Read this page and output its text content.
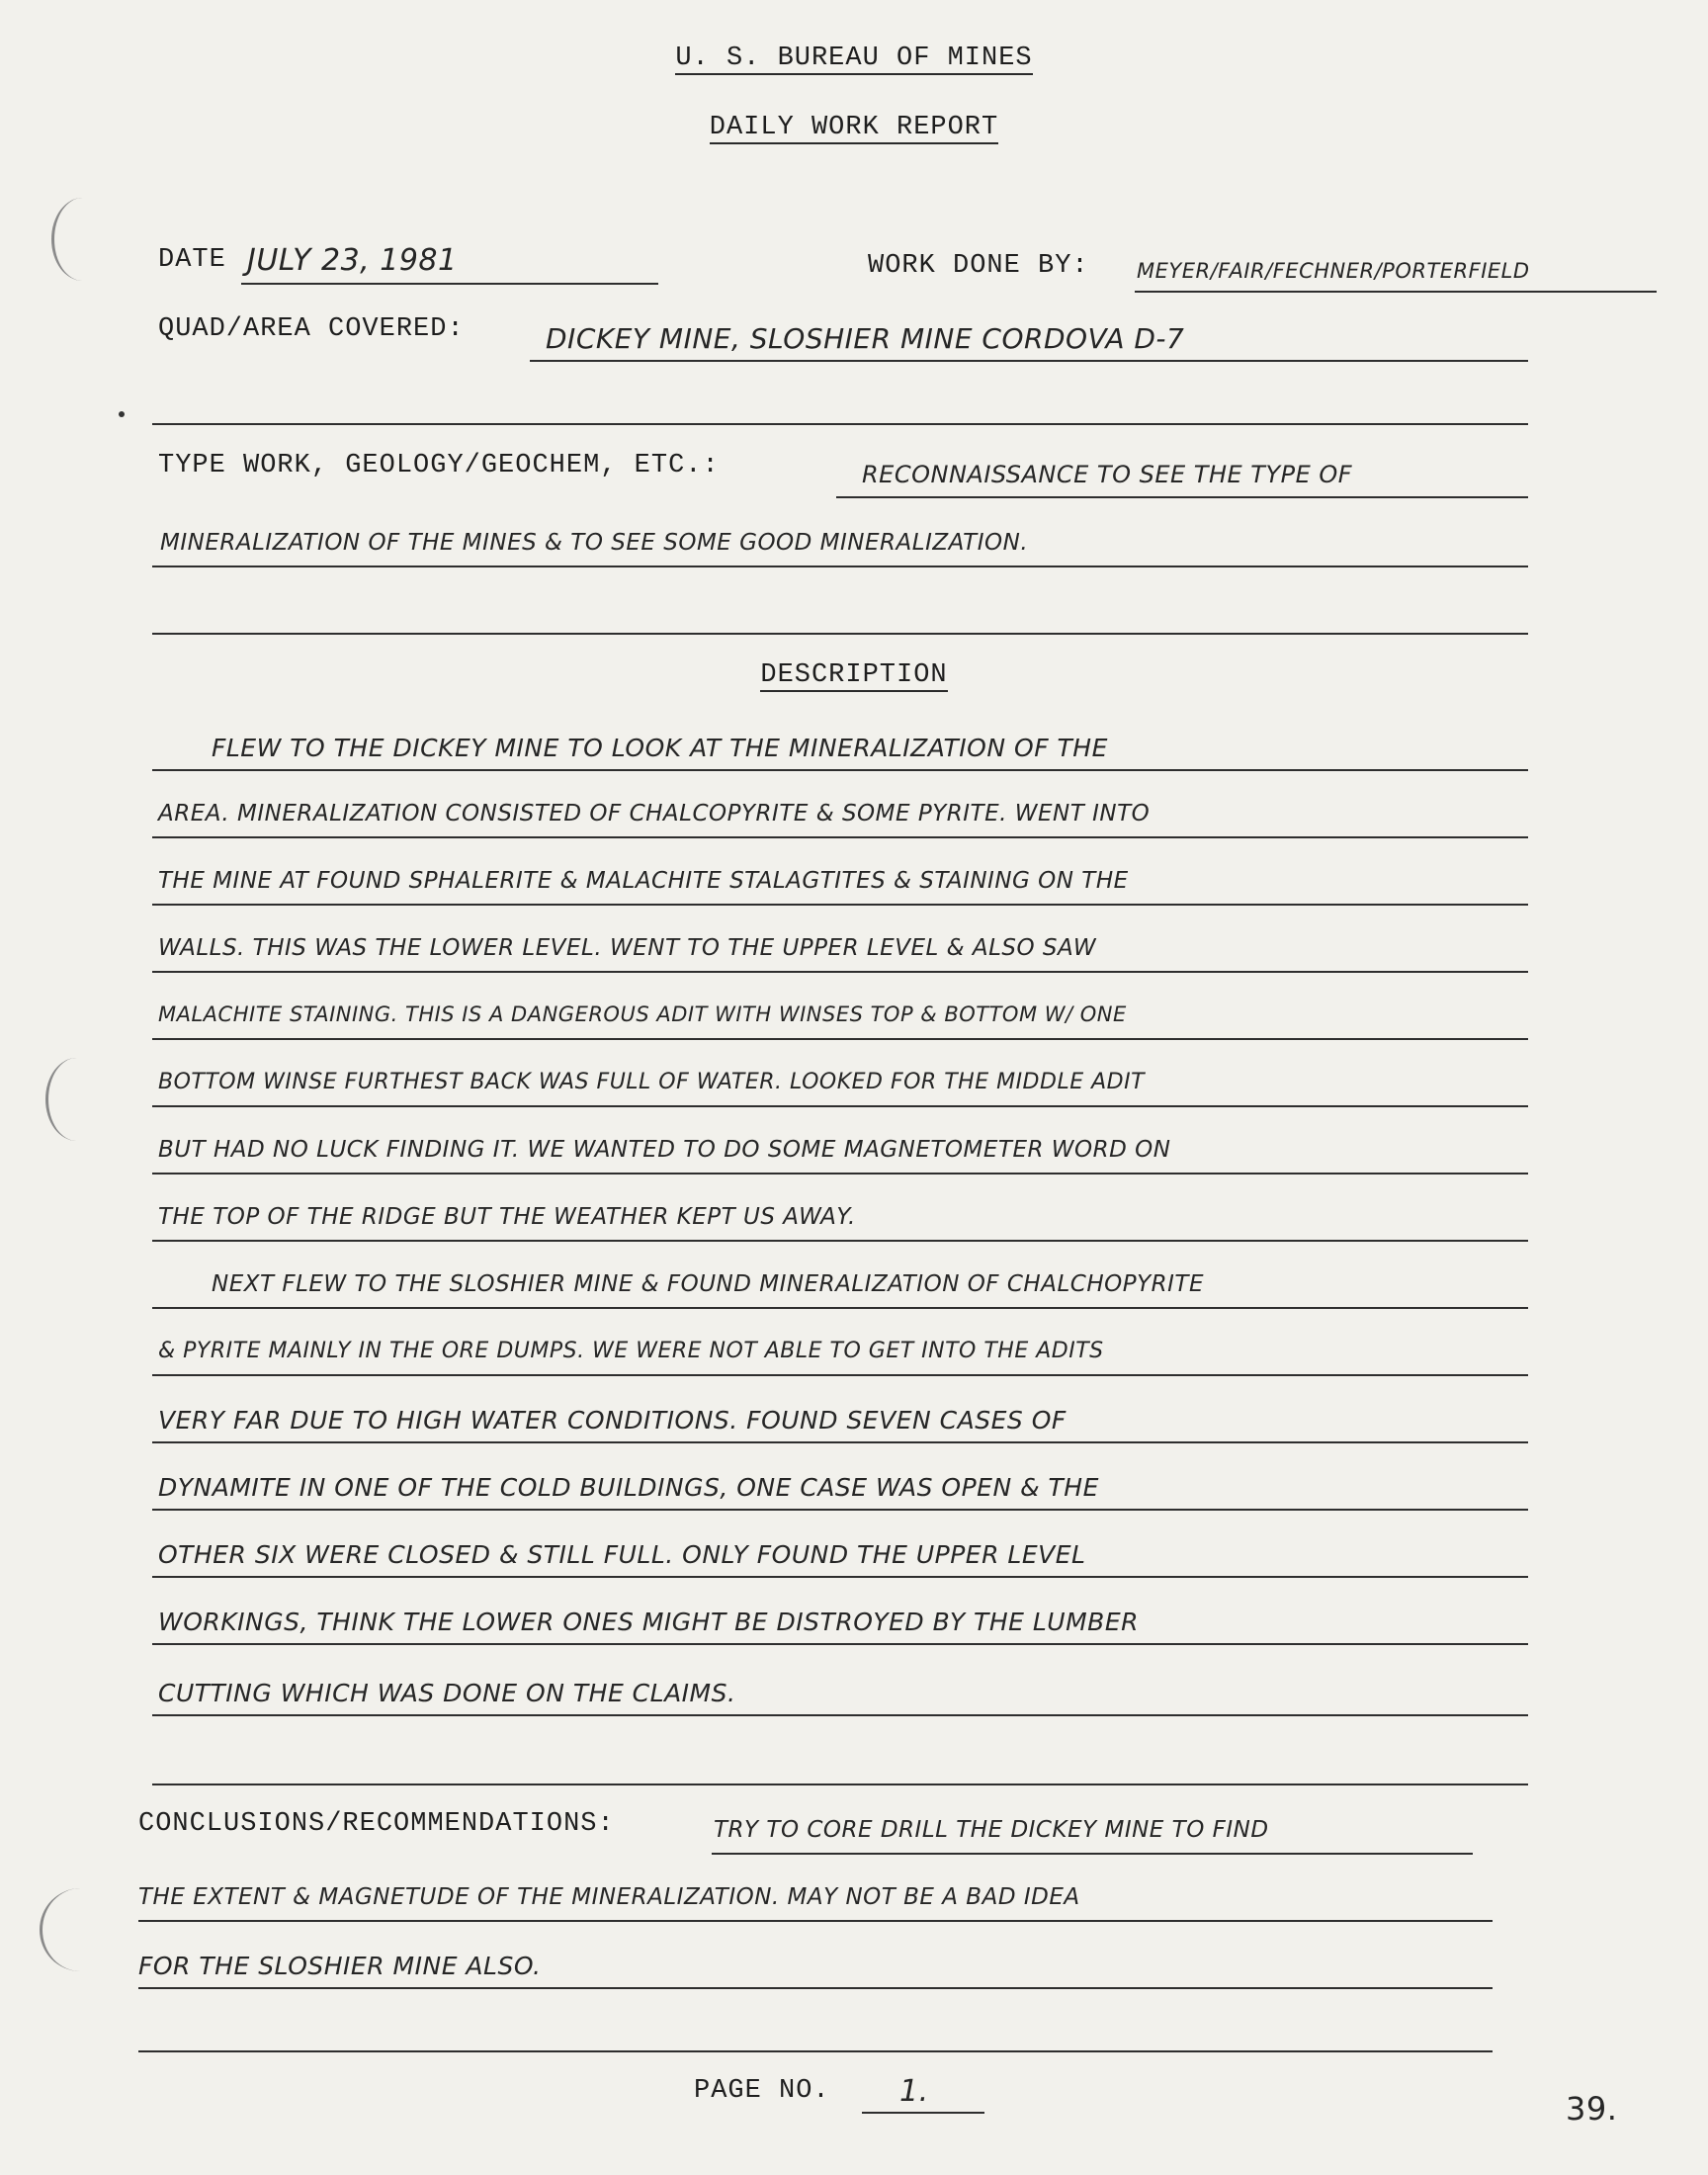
U. S. BUREAU OF MINES
DAILY WORK REPORT
DATE JULY 23, 1981	WORK DONE BY: MEYER/FAIR/FECHNER/PORTERFIELD
QUAD/AREA COVERED:	DICKEY MINE, SLOSHIER MINE CORDOVA D-7
TYPE WORK, GEOLOGY/GEOCHEM, ETC.:	RECONNAISSANCE TO SEE THE TYPE OF
MINERALIZATION OF THE MINES & TO SEE SOME GOOD MINERALIZATION.
DESCRIPTION
FLEW TO THE DICKEY MINE TO LOOK AT THE MINERALIZATION OF THE
AREA. MINERALIZATION CONSISTED OF CHALCOPYRITE & SOME PYRITE. WENT INTO
THE MINE AT FOUND SPHALERITE & MALACHITE STALAGTITES & STAINING ON THE
WALLS. THIS WAS THE LOWER LEVEL. WENT TO THE UPPER LEVEL & ALSO SAW
MALACHITE STAINING. THIS IS A DANGEROUS ADIT WITH WINSES TOP & BOTTOM W/ ONE
BOTTOM WINSE FURTHEST BACK WAS FULL OF WATER. LOOKED FOR THE MIDDLE ADIT
BUT HAD NO LUCK FINDING IT. WE WANTED TO DO SOME MAGNETOMETER WORD ON
THE TOP OF THE RIDGE BUT THE WEATHER KEPT US AWAY.
NEXT FLEW TO THE SLOSHIER MINE & FOUND MINERALIZATION OF CHALCHOPYRITE
& PYRITE MAINLY IN THE ORE DUMPS. WE WERE NOT ABLE TO GET INTO THE ADITS
VERY FAR DUE TO HIGH WATER CONDITIONS. FOUND SEVEN CASES OF
DYNAMITE IN ONE OF THE COLD BUILDINGS, ONE CASE WAS OPEN & THE
OTHER SIX WERE CLOSED & STILL FULL. ONLY FOUND THE UPPER LEVEL
WORKINGS, THINK THE LOWER ONES MIGHT BE DISTROYED BY THE LUMBER
CUTTING WHICH WAS DONE ON THE CLAIMS.
CONCLUSIONS/RECOMMENDATIONS:	TRY TO CORE DRILL THE DICKEY MINE TO FIND
THE EXTENT & MAGNETUDE OF THE MINERALIZATION. MAY NOT BE A BAD IDEA
FOR THE SLOSHIER MINE ALSO.
PAGE NO. 1.	39.
